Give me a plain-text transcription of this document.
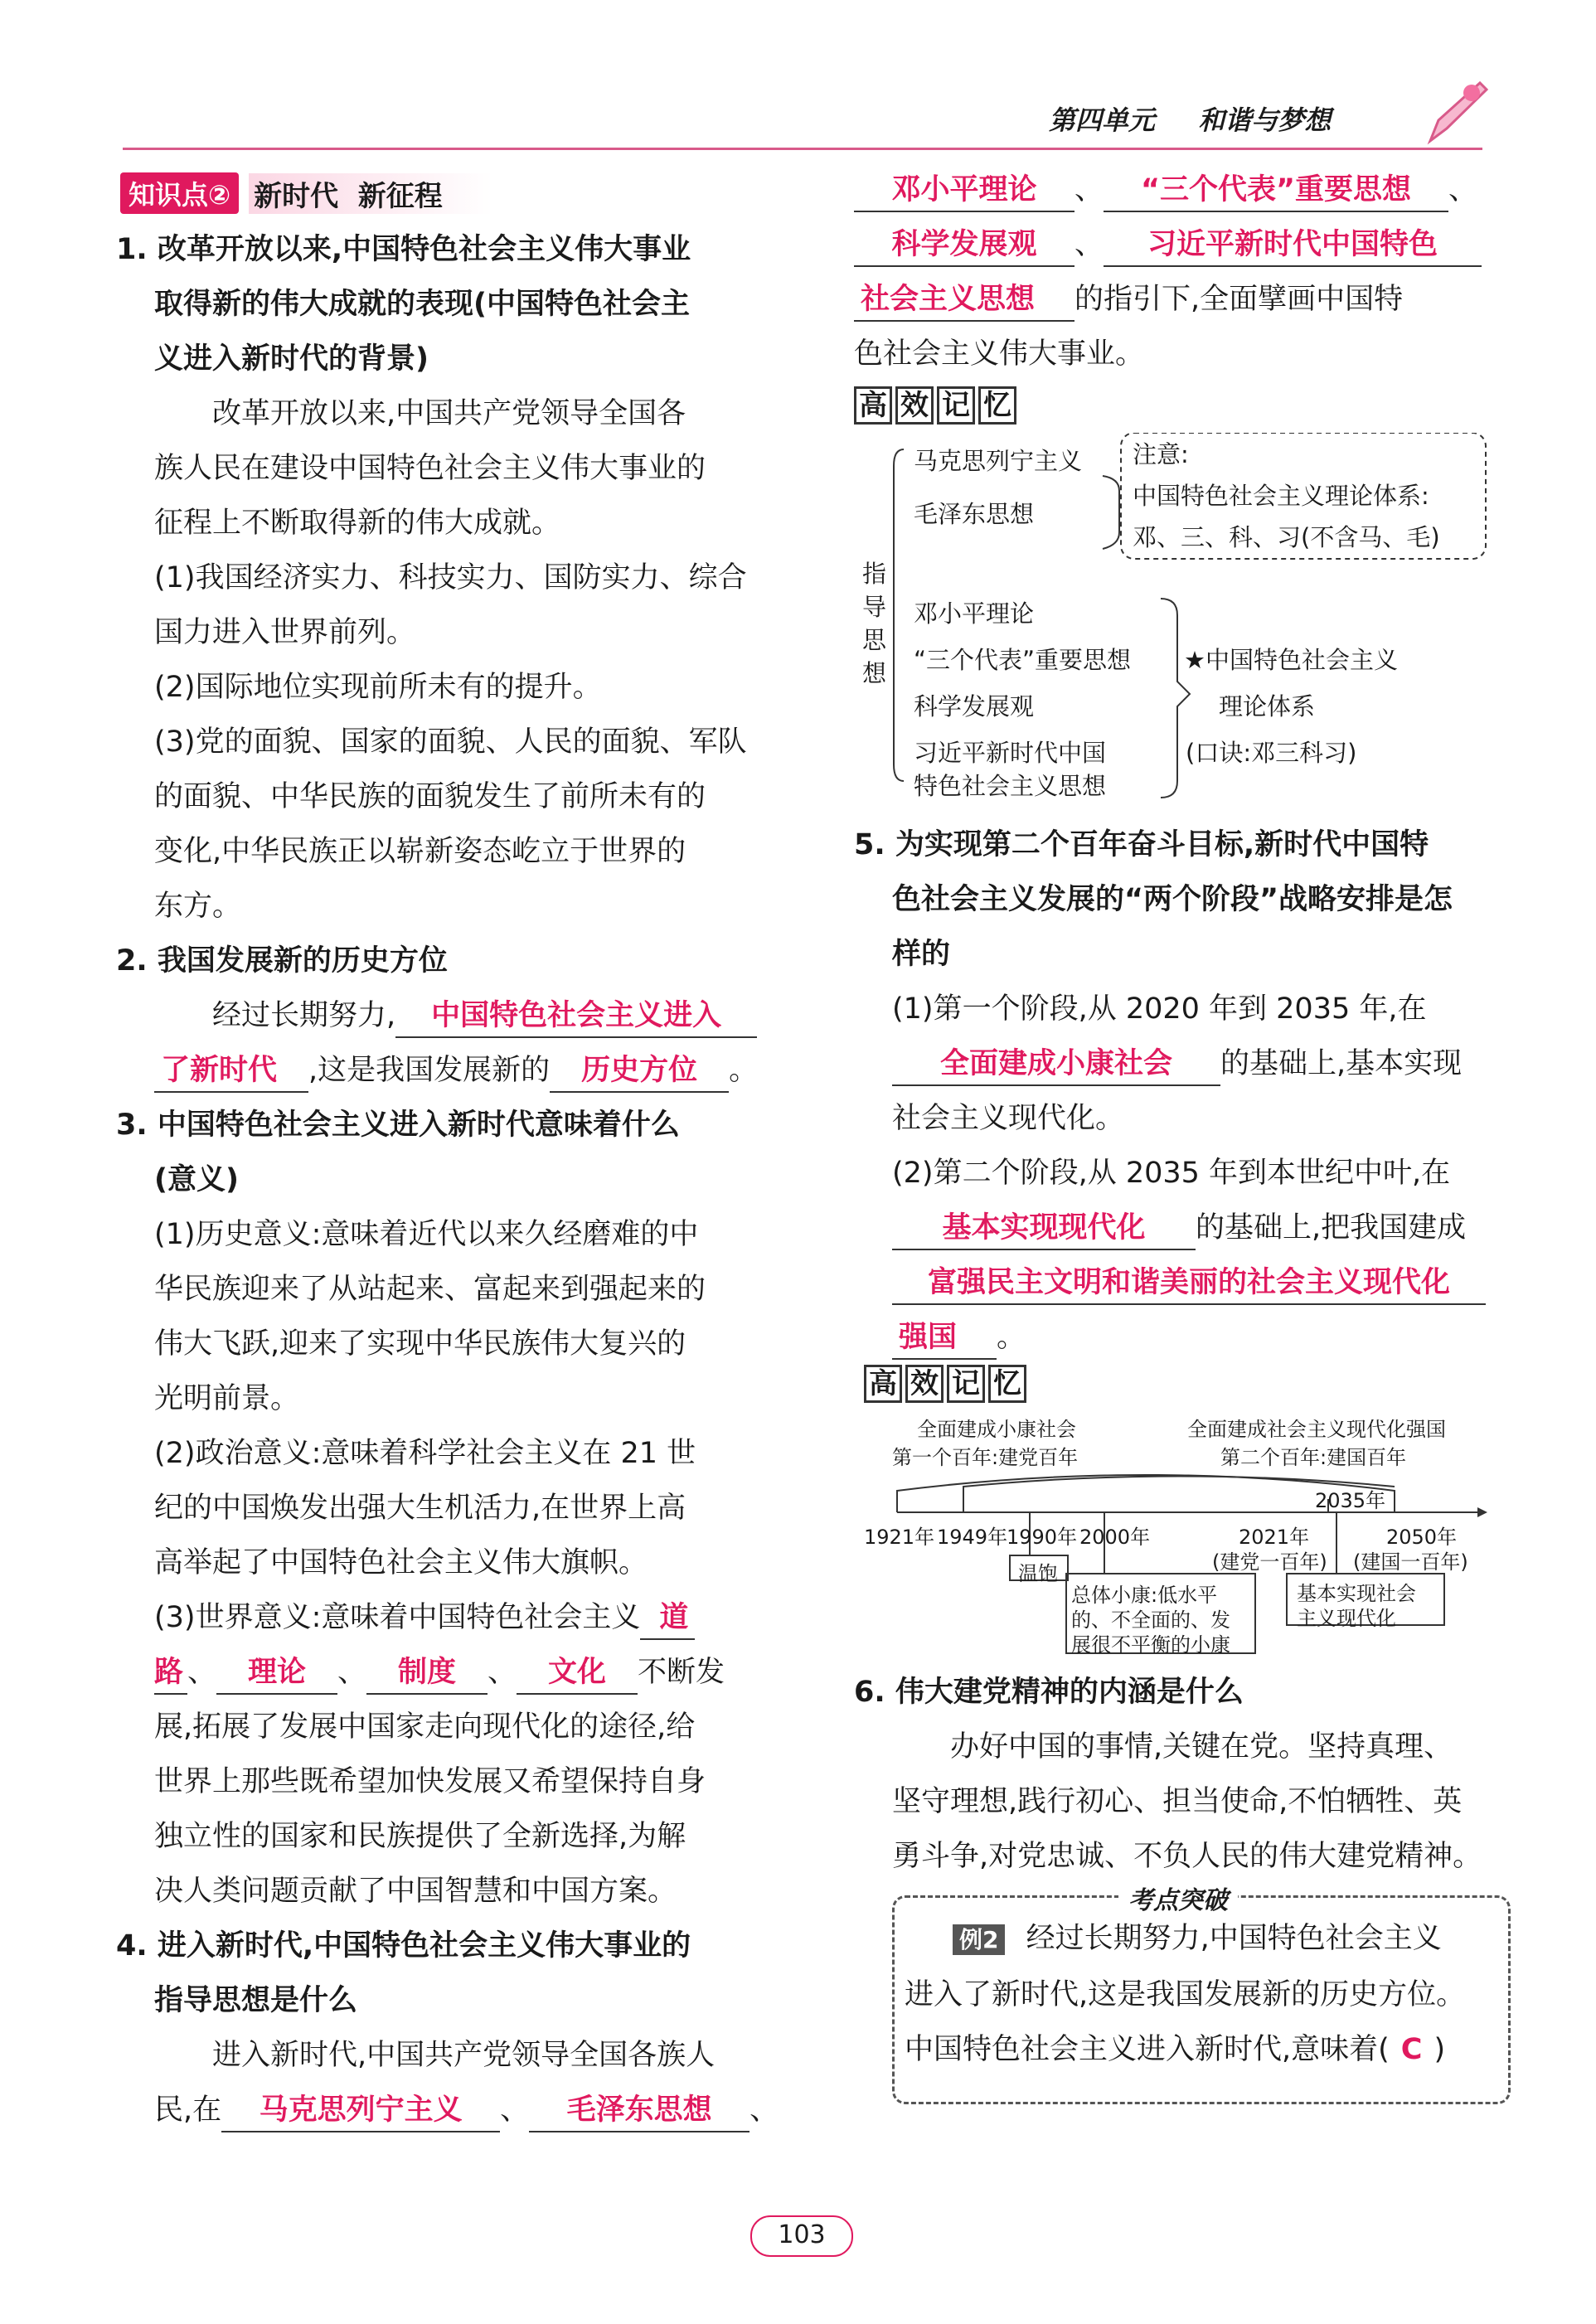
第四单元 和谐与梦想
知识点② 新时代  新征程

1. 改革开放以来,中国特色社会主义伟大事业

取得新的伟大成就的表现(中国特色社会主

义进入新时代的背景)

改革开放以来,中国共产党领导全国各

族人民在建设中国特色社会主义伟大事业的

征程上不断取得新的伟大成就。

(1)我国经济实力、科技实力、国防实力、综合

国力进入世界前列。

(2)国际地位实现前所未有的提升。

(3)党的面貌、国家的面貌、人民的面貌、军队

的面貌、中华民族的面貌发生了前所未有的

变化,中华民族正以崭新姿态屹立于世界的

东方。

2. 我国发展新的历史方位

经过长期努力, 中国特色社会主义进入

了新时代 ,这是我国发展新的 历史方位 。

3. 中国特色社会主义进入新时代意味着什么

(意义)

(1)历史意义:意味着近代以来久经磨难的中

华民族迎来了从站起来、富起来到强起来的

伟大飞跃,迎来了实现中华民族伟大复兴的

光明前景。

(2)政治意义:意味着科学社会主义在 21 世

纪的中国焕发出强大生机活力,在世界上高

高举起了中国特色社会主义伟大旗帜。

(3)世界意义:意味着中国特色社会主义 道

路 、 理论 、 制度 、 文化 不断发

展,拓展了发展中国家走向现代化的途径,给

世界上那些既希望加快发展又希望保持自身

独立性的国家和民族提供了全新选择,为解

决人类问题贡献了中国智慧和中国方案。

4. 进入新时代,中国特色社会主义伟大事业的

指导思想是什么

进入新时代,中国共产党领导全国各族人

民,在 马克思列宁主义 、 毛泽东思想 、

邓小平理论 、 “三个代表”重要思想 、

科学发展观 、 习近平新时代中国特色

社会主义思想 的指引下,全面擘画中国特

色社会主义伟大事业。

高 效 记 忆
指导思想
马克思列宁主义
毛泽东思想
注意:
中国特色社会主义理论体系:
邓、三、科、习(不含马、毛)
邓小平理论
“三个代表”重要思想
科学发展观
习近平新时代中国
特色社会主义思想
★中国特色社会主义
理论体系
(口诀:邓三科习)

5. 为实现第二个百年奋斗目标,新时代中国特

色社会主义发展的“两个阶段”战略安排是怎

样的

(1)第一个阶段,从 2020 年到 2035 年,在

全面建成小康社会 的基础上,基本实现

社会主义现代化。

(2)第二个阶段,从 2035 年到本世纪中叶,在

基本实现现代化 的基础上,把我国建成

富强民主文明和谐美丽的社会主义现代化

强国 。

高 效 记 忆
全面建成小康社会
第一个百年:建党百年
全面建成社会主义现代化强国
第二个百年:建国百年
2035年
1921年 1949年
1990年 2000年	2021年	2050年
(建党一百年) (建国一百年)
温饱
总体小康:低水平
的、不全面的、发
展很不平衡的小康
基本实现社会
主义现代化

6. 伟大建党精神的内涵是什么

办好中国的事情,关键在党。坚持真理、

坚守理想,践行初心、担当使命,不怕牺牲、英

勇斗争,对党忠诚、不负人民的伟大建党精神。

考点突破

例2 经过长期努力,中国特色社会主义

进入了新时代,这是我国发展新的历史方位。

中国特色社会主义进入新时代,意味着( C )

103
